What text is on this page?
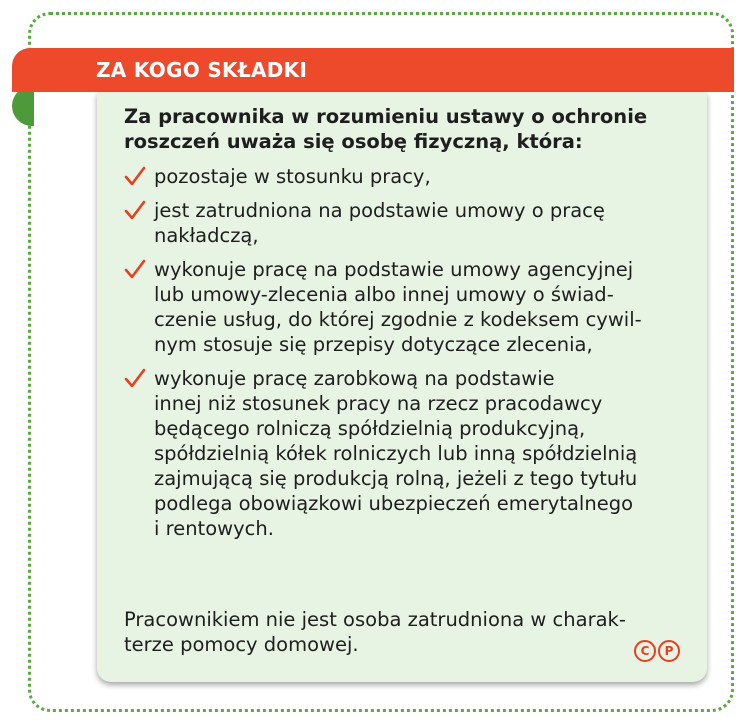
ZA KOGO SKŁADKI

Za pracownika w rozumieniu ustawy o ochronie
roszczeń uważa się osobę fizyczną, która:

pozostaje w stosunku pracy,
jest zatrudniona na podstawie umowy o pracę
nakładczą,
wykonuje pracę na podstawie umowy agencyjnej
lub umowy-zlecenia albo innej umowy o świad-
czenie usług, do której zgodnie z kodeksem cywil-
nym stosuje się przepisy dotyczące zlecenia,
wykonuje pracę zarobkową na podstawie
innej niż stosunek pracy na rzecz pracodawcy
będącego rolniczą spółdzielnią produkcyjną,
spółdzielnią kółek rolniczych lub inną spółdzielnią
zajmującą się produkcją rolną, jeżeli z tego tytułu
podlega obowiązkowi ubezpieczeń emerytalnego
i rentowych.
Pracownikiem nie jest osoba zatrudniona w charak-
terze pomocy domowej.	C	P
